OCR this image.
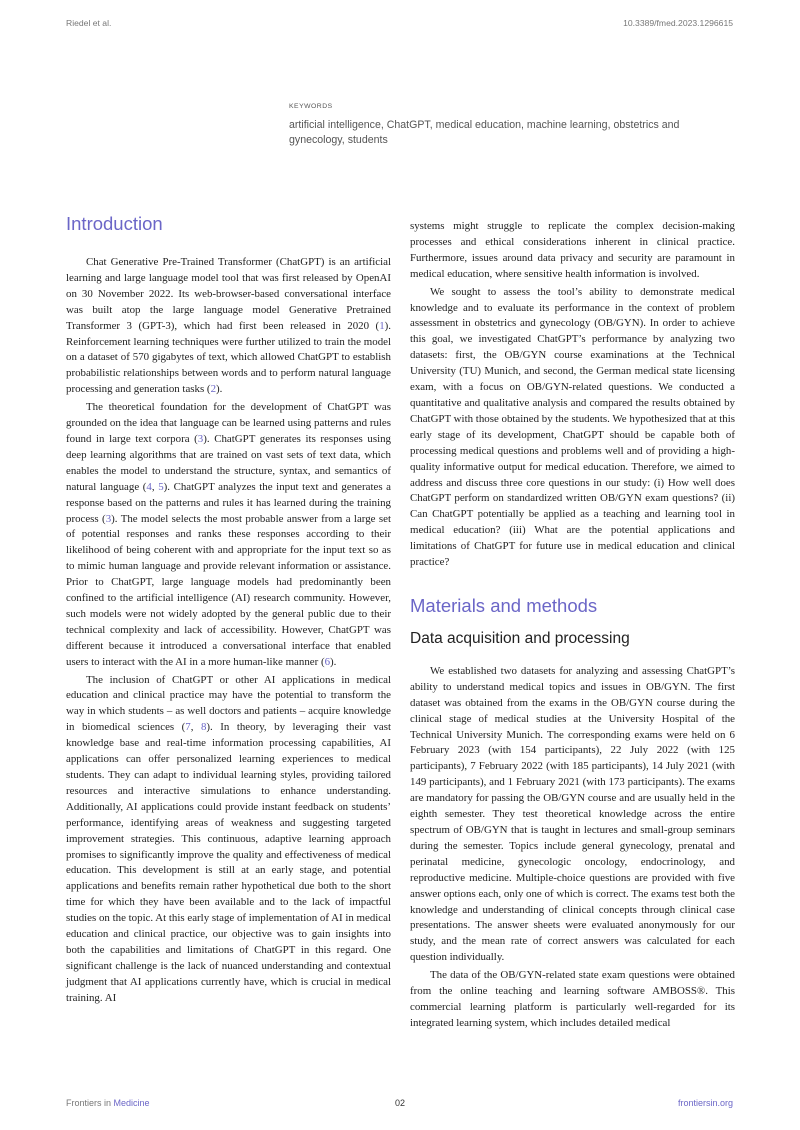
Riedel et al.	10.3389/fmed.2023.1296615
KEYWORDS
artificial intelligence, ChatGPT, medical education, machine learning, obstetrics and gynecology, students
Introduction

Chat Generative Pre-Trained Transformer (ChatGPT) is an artificial learning and large language model tool that was first released by OpenAI on 30 November 2022. Its web-browser-based conversational interface was built atop the large language model Generative Pretrained Transformer 3 (GPT-3), which had first been released in 2020 (1). Reinforcement learning techniques were further utilized to train the model on a dataset of 570 gigabytes of text, which allowed ChatGPT to establish probabilistic relationships between words and to perform natural language processing and generation tasks (2).

The theoretical foundation for the development of ChatGPT was grounded on the idea that language can be learned using patterns and rules found in large text corpora (3). ChatGPT generates its responses using deep learning algorithms that are trained on vast sets of text data, which enables the model to understand the structure, syntax, and semantics of natural language (4, 5). ChatGPT analyzes the input text and generates a response based on the patterns and rules it has learned during the training process (3). The model selects the most probable answer from a large set of potential responses and ranks these responses according to their likelihood of being coherent with and appropriate for the input text so as to mimic human language and provide relevant information or assistance. Prior to ChatGPT, large language models had predominantly been confined to the artificial intelligence (AI) research community. However, such models were not widely adopted by the general public due to their technical complexity and lack of accessibility. However, ChatGPT was different because it introduced a conversational interface that enabled users to interact with the AI in a more human-like manner (6).

The inclusion of ChatGPT or other AI applications in medical education and clinical practice may have the potential to transform the way in which students – as well doctors and patients – acquire knowledge in biomedical sciences (7, 8). In theory, by leveraging their vast knowledge base and real-time information processing capabilities, AI applications can offer personalized learning experiences to medical students. They can adapt to individual learning styles, providing tailored resources and interactive simulations to enhance understanding. Additionally, AI applications could provide instant feedback on students’ performance, identifying areas of weakness and suggesting targeted improvement strategies. This continuous, adaptive learning approach promises to significantly improve the quality and effectiveness of medical education. This development is still at an early stage, and potential applications and benefits remain rather hypothetical due both to the short time for which they have been available and to the lack of impactful studies on the topic. At this early stage of implementation of AI in medical education and clinical practice, our objective was to gain insights into both the capabilities and limitations of ChatGPT in this regard. One significant challenge is the lack of nuanced understanding and contextual judgment that AI applications currently have, which is crucial in medical training. AI

systems might struggle to replicate the complex decision-making processes and ethical considerations inherent in clinical practice. Furthermore, issues around data privacy and security are paramount in medical education, where sensitive health information is involved.

We sought to assess the tool’s ability to demonstrate medical knowledge and to evaluate its performance in the context of problem assessment in obstetrics and gynecology (OB/GYN). In order to achieve this goal, we investigated ChatGPT’s performance by analyzing two datasets: first, the OB/GYN course examinations at the Technical University (TU) Munich, and second, the German medical state licensing exam, with a focus on OB/GYN-related questions. We conducted a quantitative and qualitative analysis and compared the results obtained by ChatGPT with those obtained by the students. We hypothesized that at this early stage of its development, ChatGPT should be capable both of processing medical questions and problems well and of providing a high-quality informative output for medical education. Therefore, we aimed to address and discuss three core questions in our study: (i) How well does ChatGPT perform on standardized written OB/GYN exam questions? (ii) Can ChatGPT potentially be applied as a teaching and learning tool in medical education? (iii) What are the potential applications and limitations of ChatGPT for future use in medical education and clinical practice?

Materials and methods
Data acquisition and processing

We established two datasets for analyzing and assessing ChatGPT’s ability to understand medical topics and issues in OB/GYN. The first dataset was obtained from the exams in the OB/GYN course during the clinical stage of medical studies at the University Hospital of the Technical University Munich. The corresponding exams were held on 6 February 2023 (with 154 participants), 22 July 2022 (with 125 participants), 7 February 2022 (with 185 participants), 14 July 2021 (with 149 participants), and 1 February 2021 (with 173 participants). The exams are mandatory for passing the OB/GYN course and are usually held in the eighth semester. They test theoretical knowledge across the entire spectrum of OB/GYN that is taught in lectures and small-group seminars during the semester. Topics include general gynecology, prenatal and perinatal medicine, gynecologic oncology, endocrinology, and reproductive medicine. Multiple-choice questions are provided with five answer options each, only one of which is correct. The exams test both the knowledge and understanding of clinical concepts through clinical case presentations. The answer sheets were evaluated anonymously for our study, and the mean rate of correct answers was calculated for each question individually.

The data of the OB/GYN-related state exam questions were obtained from the online teaching and learning software AMBOSS®. This commercial learning platform is particularly well-regarded for its integrated learning system, which includes detailed medical

Frontiers in Medicine	02	frontiersin.org
